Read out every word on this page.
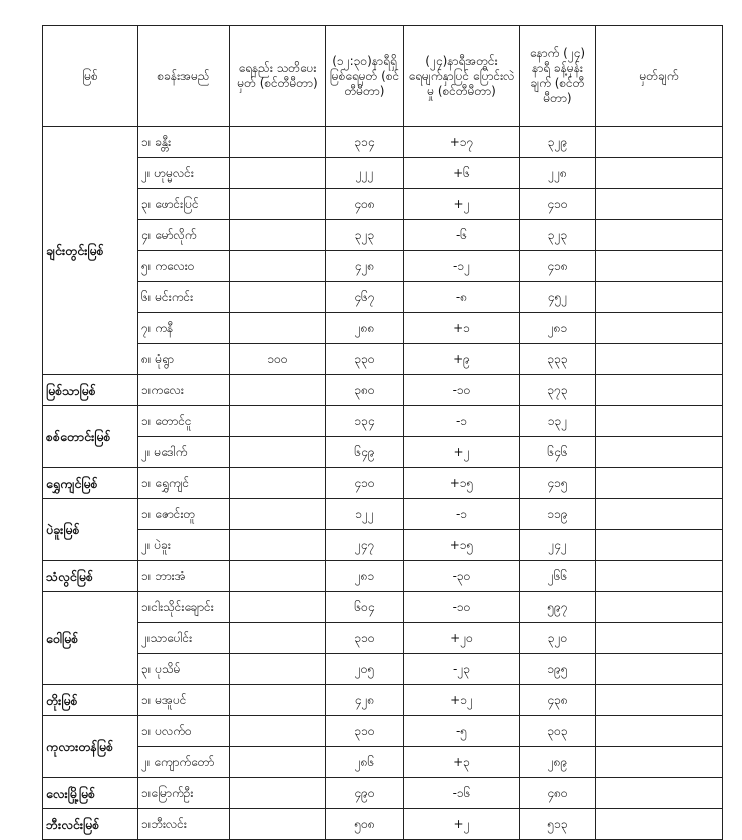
မြစ်	စခန်းအမည်	ရေနည်း သတိပေးမှတ် (စင်တီမီတာ)	(၁၂:၃၀)နာရီရှိ မြစ်ရေမှတ် (စင်တီမီတာ)	(၂၄)နာရီအတွင်း ရေမျက်နှာပြင် ပြောင်းလဲမှု (စင်တီမီတာ)	နောက် (၂၄) နာရီ ခန့်မှန်းချက် (စင်တီမီတာ)	မှတ်ချက်
ချင်းတွင်းမြစ်	၁။ ခန္တီး		၃၁၄	+၁၇	၃၂၉	
	၂။ ဟုမ္မလင်း		၂၂၂	+၆	၂၂၈	
	၃။ ဖောင်းပြင်		၄၀၈	+၂	၄၁၀	
	၄။ မော်လိုက်		၃၂၃	-၆	၃၂၃	
	၅။ ကလေးဝ		၄၂၈	-၁၂	၄၁၈	
	၆။ မင်းကင်း		၄၆၇	-၈	၄၅၂	
	၇။ ကနီ		၂၈၈	+၁	၂၈၁	
	၈။ မုံရွာ	၁၀၀	၃၃၀	+၉	၃၃၃	
မြစ်သာမြစ်	၁။ကလေး		၃၈၀	-၁၀	၃၇၃	
စစ်တောင်းမြစ်	၁။ တောင်ငူ		၁၃၄	-၁	၁၃၂	
	၂။ မဒေါက်		၆၄၉	+၂	၆၄၆	
ရွှေကျင်မြစ်	၁။ ရွှေကျင်		၄၁၀	+၁၅	၄၁၅	
ပဲခူးမြစ်	၁။ ဇောင်းတူ		၁၂၂	-၁	၁၁၉	
	၂။ ပဲခူး		၂၄၇	+၁၅	၂၄၂	
သံလွင်မြစ်	၁။ ဘားအံ		၂၈၁	-၃၀	၂၆၆	
ဝေါမြစ်	၁။ငါးသိုင်းချောင်း		၆၀၄	-၁၀	၅၉၇	
	၂။သာပေါင်း		၃၁၀	+၂၀	၃၂၀	
	၃။ ပုသိမ်		၂၀၅	-၂၃	၁၉၅	
တိုးမြစ်	၁။ မအူပင်		၄၂၈	+၁၂	၄၃၈	
ကုလားတန်မြစ်	၁။ ပလက်ဝ		၃၁၀	-၅	၃၀၃	
	၂။ ကျောက်တော်		၂၈၆	+၃	၂၈၉	
လေးမြို့မြစ်	၁။မြောက်ဦး		၄၉၀	-၁၆	၄၈၀	
ဘီးလင်းမြစ်	၁။ဘီးလင်း		၅၀၈	+၂	၅၁၃	
